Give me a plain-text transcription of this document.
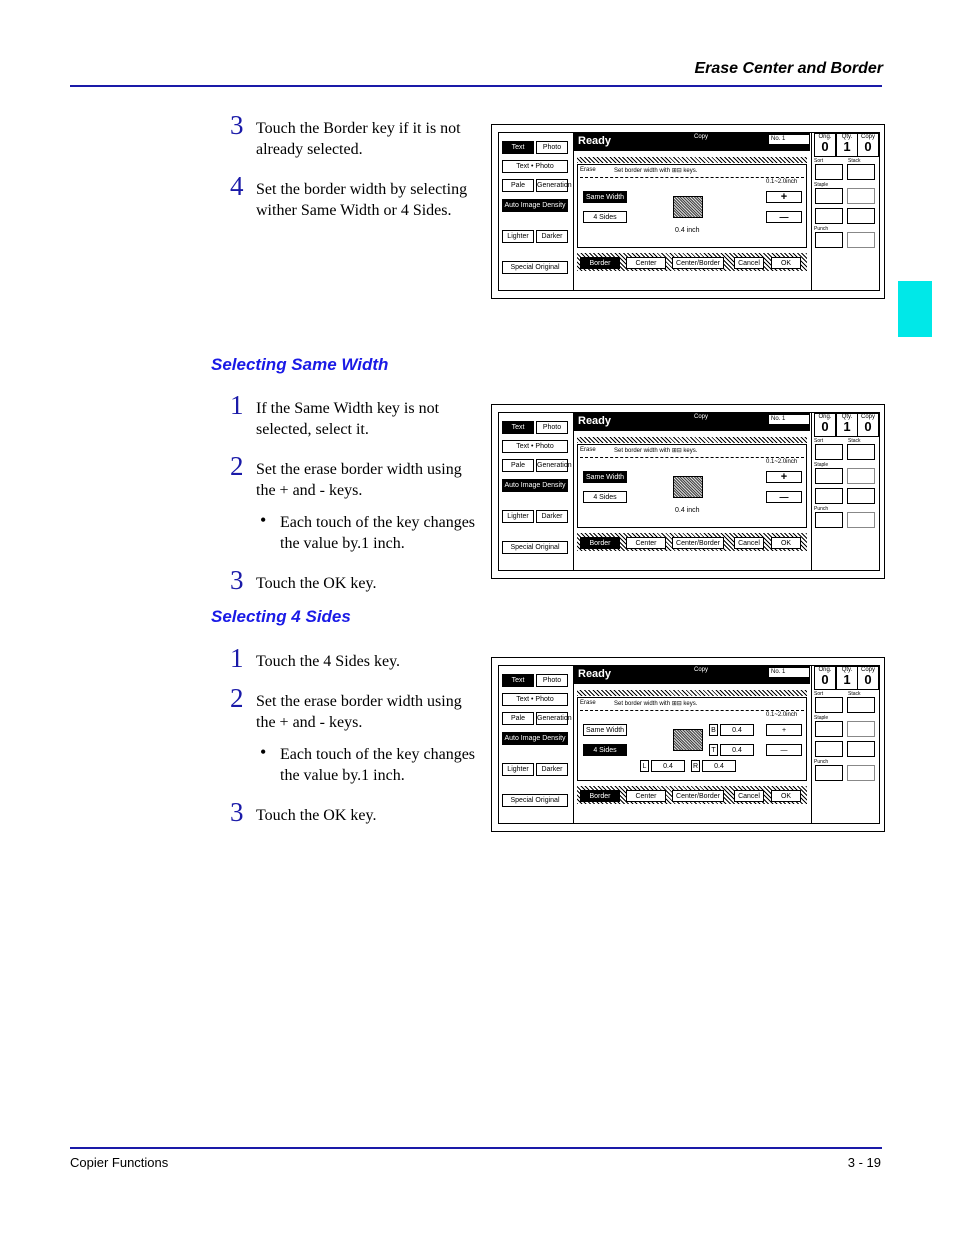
Erase Center and Border
3 Touch the Border key if it is not already selected.
4 Set the border width by selecting wither Same Width or 4 Sides.
Selecting Same Width
1 If the Same Width key is not selected, select it.
2 Set the erase border width using the + and - keys.
• Each touch of the key changes the value by.1 inch.
3 Touch the OK key.
Selecting 4 Sides
1 Touch the 4 Sides key.
2 Set the erase border width using the + and - keys.
• Each touch of the key changes the value by.1 inch.
3 Touch the OK key.
Text	Photo
Text • Photo
Pale	Generation
Auto Image Density
Lighter	Darker
Special Original
Ready	Copy	No. 1
Erase	Set border width with ⊞⊟ keys.
0.1~2.0inch
Same Width
4 Sides
+
—
0.4 inch
Border	Center	Center/Border	Cancel	OK
Orig.
0
Qty.
1
Copy
0
Sort	Stack
Staple
Punch
Text	Photo
Text • Photo
Pale	Generation
Auto Image Density
Lighter	Darker
Special Original
Ready	Copy	No. 1
Erase	Set border width with ⊞⊟ keys.
0.1~2.0inch
Same Width
4 Sides
+
—
0.4 inch
Border	Center	Center/Border	Cancel	OK
Orig.
0
Qty.
1
Copy
0
Sort	Stack
Staple
Punch
Text	Photo
Text • Photo
Pale	Generation
Auto Image Density
Lighter	Darker
Special Original
Ready	Copy	No. 1
Erase	Set border width with ⊞⊟ keys.
0.1~2.0inch
Same Width
4 Sides
+
—
B	0.4
T	0.4
L	0.4	R	0.4
Border	Center	Center/Border	Cancel	OK
Orig.
0
Qty.
1
Copy
0
Sort	Stack
Staple
Punch
Copier Functions	3 - 19
